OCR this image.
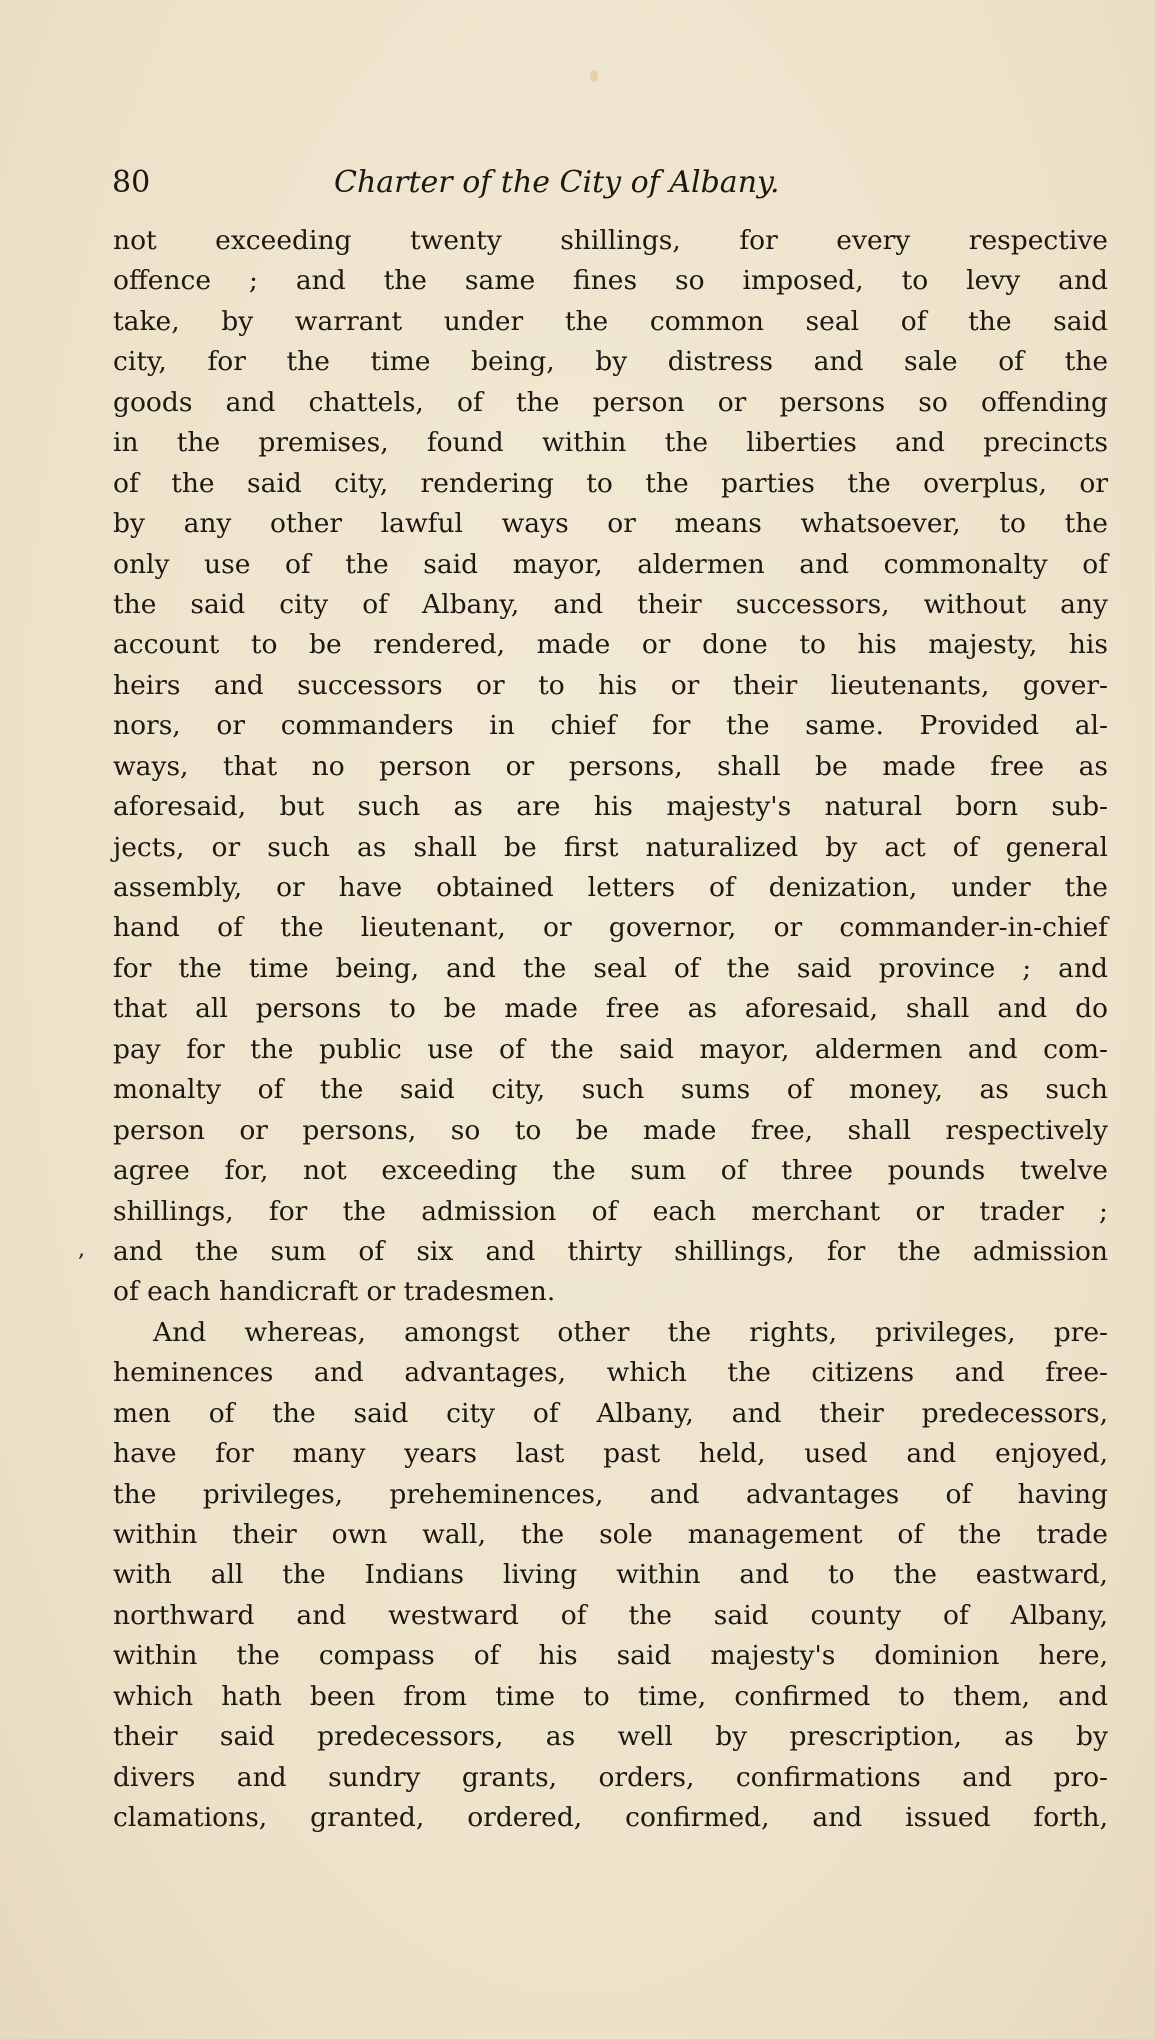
80	Charter of the City of Albany.
,
not exceeding twenty shillings, for every respective
offence ; and the same fines so imposed, to levy and
take, by warrant under the common seal of the said
city, for the time being, by distress and sale of the
goods and chattels, of the person or persons so offending
in the premises, found within the liberties and precincts
of the said city, rendering to the parties the overplus, or
by any other lawful ways or means whatsoever, to the
only use of the said mayor, aldermen and commonalty of
the said city of Albany, and their successors, without any
account to be rendered, made or done to his majesty, his
heirs and successors or to his or their lieutenants, gover-
nors, or commanders in chief for the same. Provided al-
ways, that no person or persons, shall be made free as
aforesaid, but such as are his majesty's natural born sub-
jects, or such as shall be first naturalized by act of general
assembly, or have obtained letters of denization, under the
hand of the lieutenant, or governor, or commander-in-chief
for the time being, and the seal of the said province ; and
that all persons to be made free as aforesaid, shall and do
pay for the public use of the said mayor, aldermen and com-
monalty of the said city, such sums of money, as such
person or persons, so to be made free, shall respectively
agree for, not exceeding the sum of three pounds twelve
shillings, for the admission of each merchant or trader ;
and the sum of six and thirty shillings, for the admission
of each handicraft or tradesmen.
And whereas, amongst other the rights, privileges, pre-
heminences and advantages, which the citizens and free-
men of the said city of Albany, and their predecessors,
have for many years last past held, used and enjoyed,
the privileges, preheminences, and advantages of having
within their own wall, the sole management of the trade
with all the Indians living within and to the eastward,
northward and westward of the said county of Albany,
within the compass of his said majesty's dominion here,
which hath been from time to time, confirmed to them, and
their said predecessors, as well by prescription, as by
divers and sundry grants, orders, confirmations and pro-
clamations, granted, ordered, confirmed, and issued forth,
